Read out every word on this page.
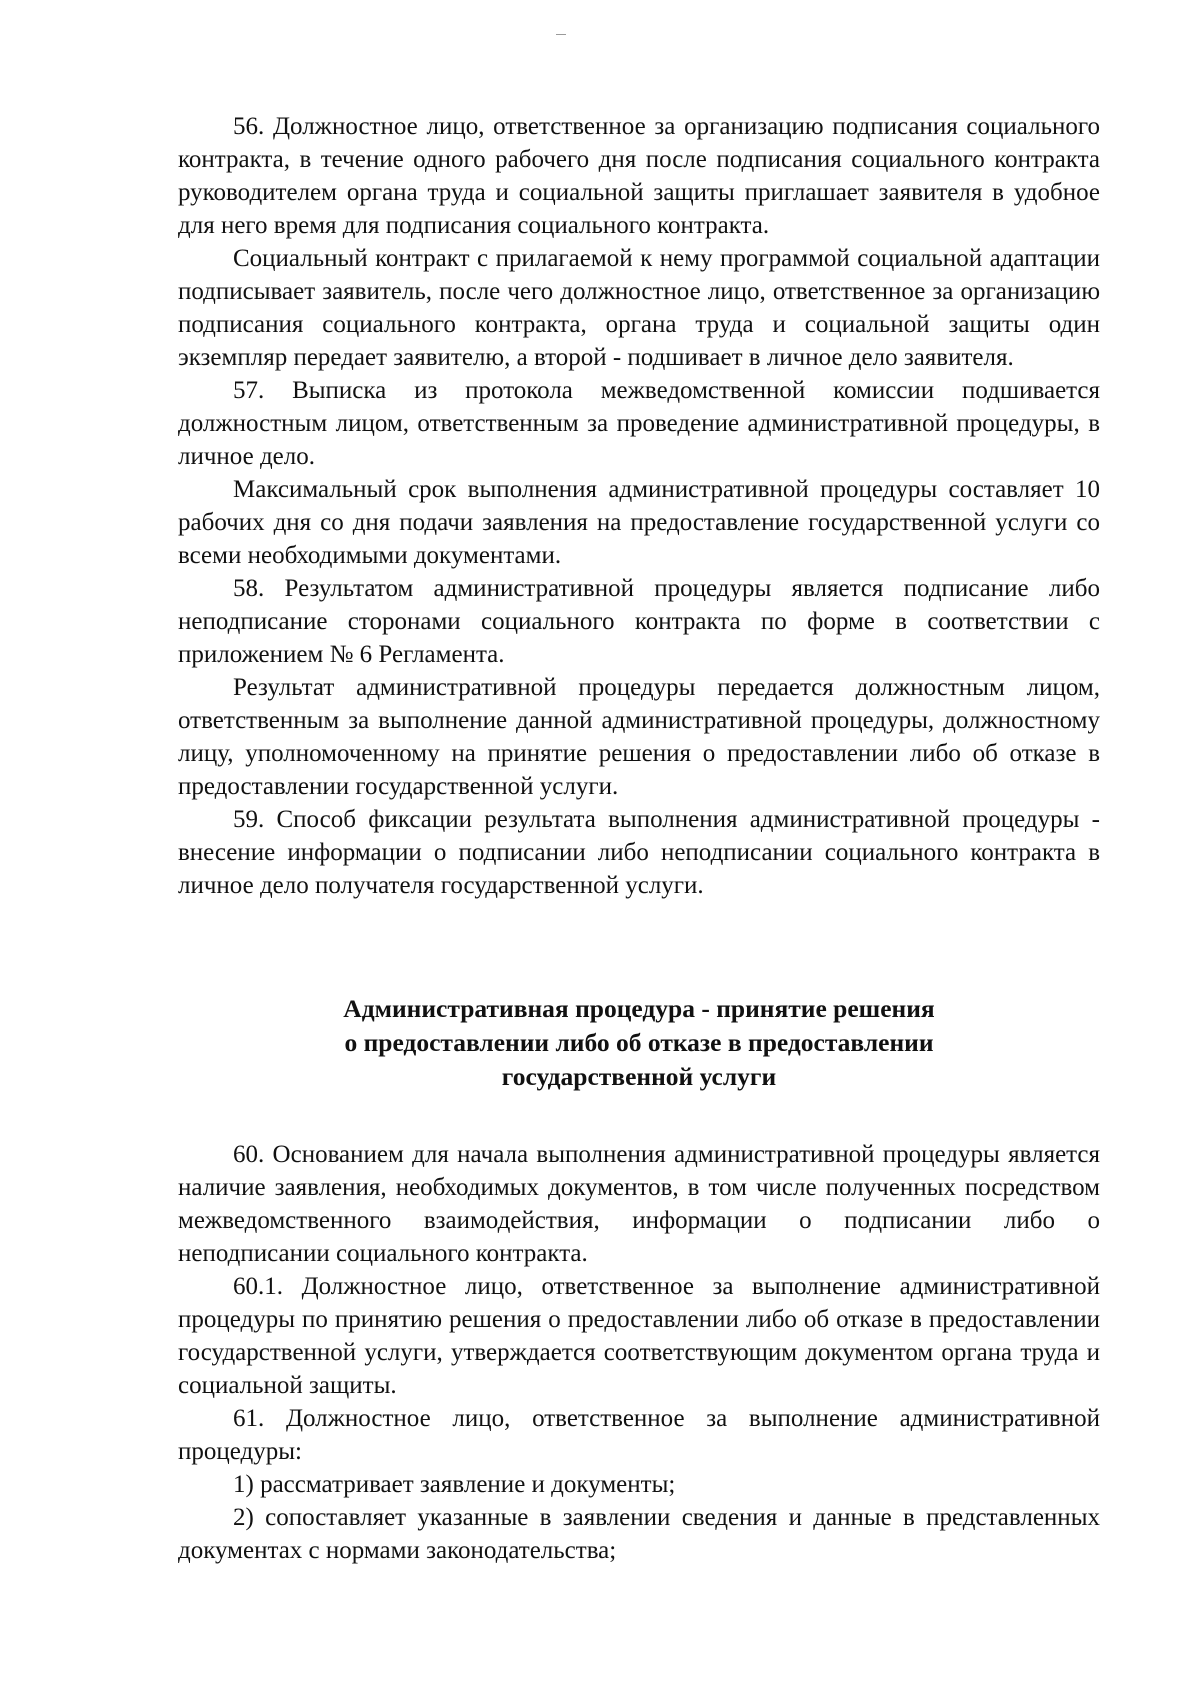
56. Должностное лицо, ответственное за организацию подписания социального контракта, в течение одного рабочего дня после подписания социального контракта руководителем органа труда и социальной защиты приглашает заявителя в удобное для него время для подписания социального контракта.

Социальный контракт с прилагаемой к нему программой социальной адаптации подписывает заявитель, после чего должностное лицо, ответственное за организацию подписания социального контракта, органа труда и социальной защиты один экземпляр передает заявителю, а второй - подшивает в личное дело заявителя.

57. Выписка из протокола межведомственной комиссии подшивается должностным лицом, ответственным за проведение административной процедуры, в личное дело.

Максимальный срок выполнения административной процедуры составляет 10 рабочих дня со дня подачи заявления на предоставление государственной услуги со всеми необходимыми документами.

58. Результатом административной процедуры является подписание либо неподписание сторонами социального контракта по форме в соответствии с приложением № 6 Регламента.

Результат административной процедуры передается должностным лицом, ответственным за выполнение данной административной процедуры, должностному лицу, уполномоченному на принятие решения о предоставлении либо об отказе в предоставлении государственной услуги.

59. Способ фиксации результата выполнения административной процедуры - внесение информации о подписании либо неподписании социального контракта в личное дело получателя государственной услуги.

Административная процедура - принятие решения
о предоставлении либо об отказе в предоставлении
государственной услуги

60. Основанием для начала выполнения административной процедуры является наличие заявления, необходимых документов, в том числе полученных посредством межведомственного взаимодействия, информации о подписании либо о неподписании социального контракта.

60.1. Должностное лицо, ответственное за выполнение административной процедуры по принятию решения о предоставлении либо об отказе в предоставлении государственной услуги, утверждается соответствующим документом органа труда и социальной защиты.

61. Должностное лицо, ответственное за выполнение административной процедуры:

1) рассматривает заявление и документы;

2) сопоставляет указанные в заявлении сведения и данные в представленных документах с нормами законодательства;
